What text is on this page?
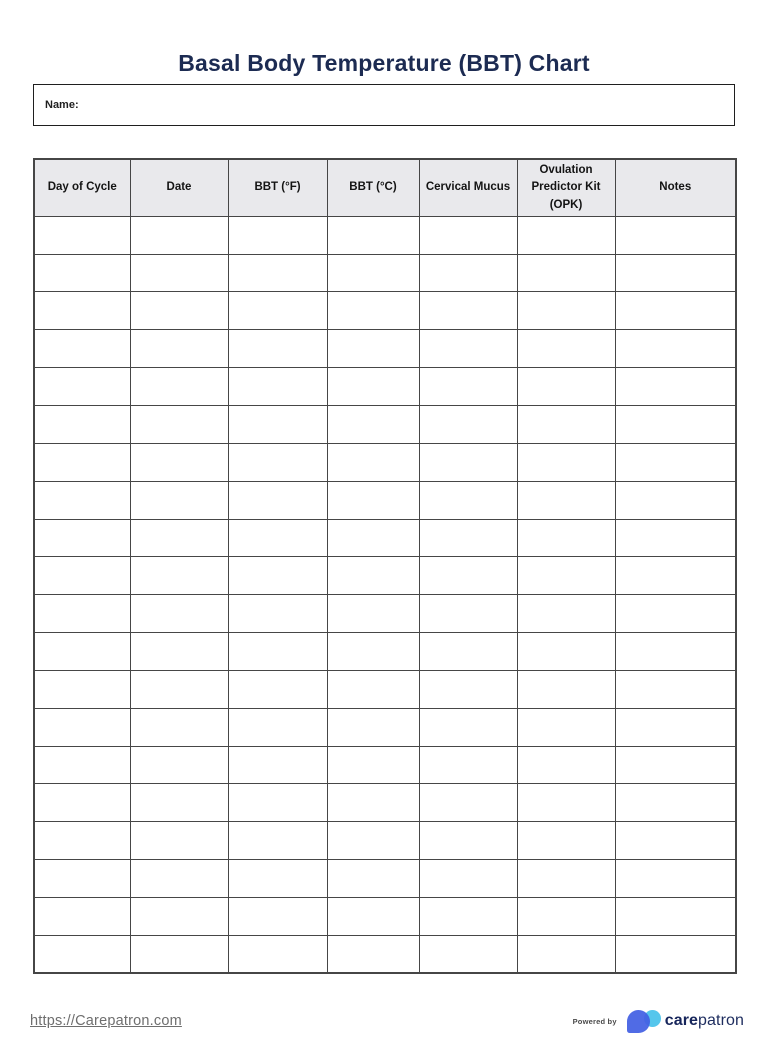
Basal Body Temperature (BBT) Chart
Name:
Day of Cycle	Date	BBT (°F)	BBT (°C)	Cervical Mucus	Ovulation Predictor Kit (OPK)	Notes

https://Carepatron.com	Powered by	carepatron
